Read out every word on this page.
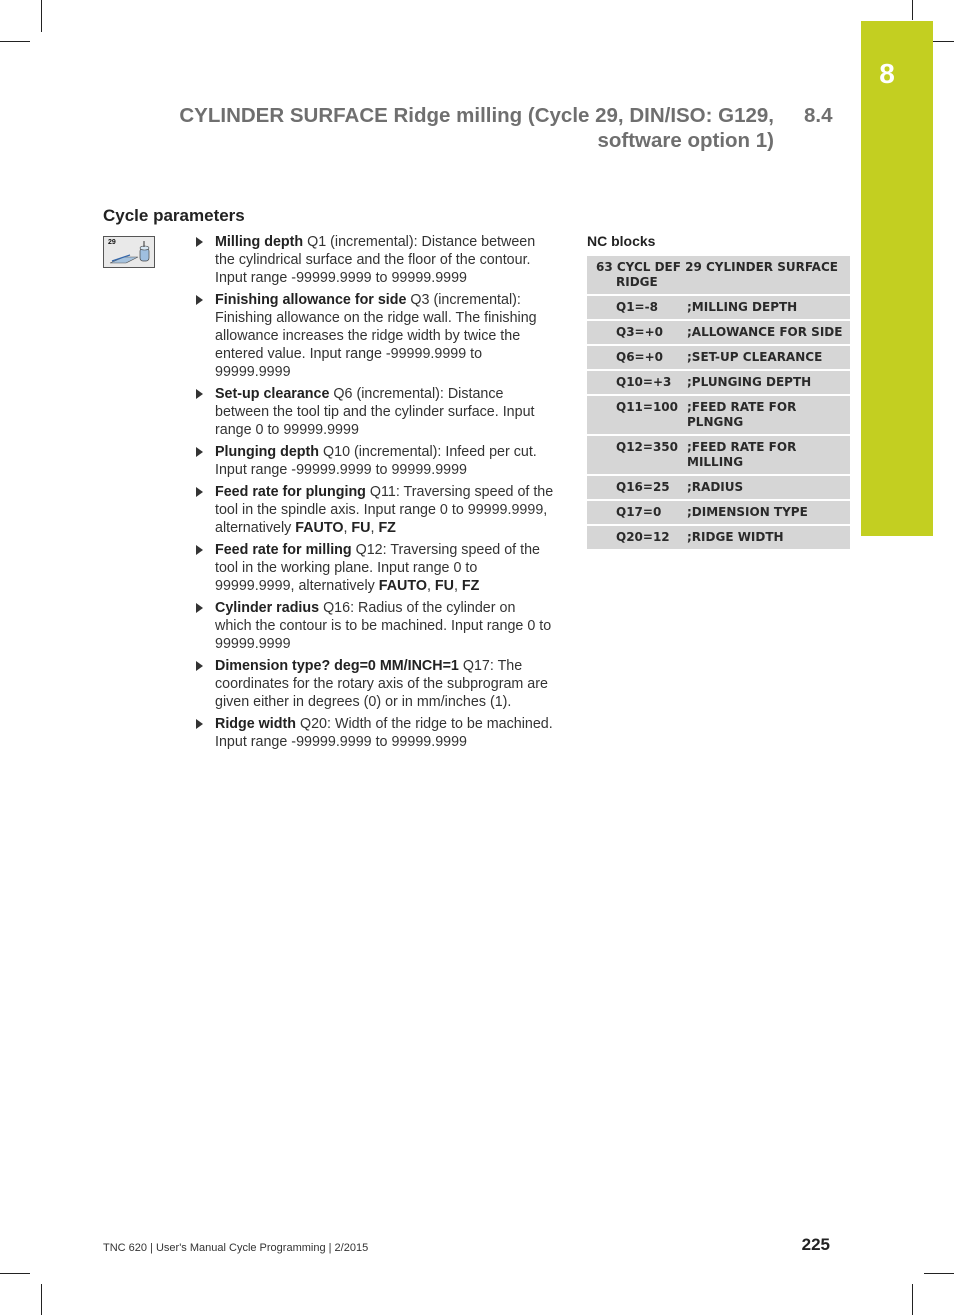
8
CYLINDER SURFACE Ridge milling (Cycle 29, DIN/ISO: G129,
software option 1)
8.4
Cycle parameters
29	Milling depth Q1 (incremental): Distance between the cylindrical surface and the floor of the contour. Input range -99999.9999 to 99999.9999
Finishing allowance for side Q3 (incremental): Finishing allowance on the ridge wall. The finishing allowance increases the ridge width by twice the entered value. Input range -99999.9999 to 99999.9999
Set-up clearance Q6 (incremental): Distance between the tool tip and the cylinder surface. Input range 0 to 99999.9999
Plunging depth Q10 (incremental): Infeed per cut. Input range -99999.9999 to 99999.9999
Feed rate for plunging Q11: Traversing speed of the tool in the spindle axis. Input range 0 to 99999.9999, alternatively FAUTO, FU, FZ
Feed rate for milling Q12: Traversing speed of the tool in the working plane. Input range 0 to 99999.9999, alternatively FAUTO, FU, FZ
Cylinder radius Q16: Radius of the cylinder on which the contour is to be machined. Input range 0 to 99999.9999
Dimension type? deg=0 MM/INCH=1 Q17: The coordinates for the rotary axis of the subprogram are given either in degrees (0) or in mm/inches (1).
Ridge width Q20: Width of the ridge to be machined. Input range -99999.9999 to 99999.9999
NC blocks
63 CYCL DEF 29 CYLINDER SURFACE RIDGE	

Q1=-8	;MILLING DEPTH
Q3=+0	;ALLOWANCE FOR SIDE
Q6=+0	;SET-UP CLEARANCE
Q10=+3	;PLUNGING DEPTH
Q11=100	;FEED RATE FOR PLNGNG
Q12=350	;FEED RATE FOR MILLING
Q16=25	;RADIUS
Q17=0	;DIMENSION TYPE
Q20=12	;RIDGE WIDTH
TNC 620 | User's Manual Cycle Programming | 2/2015	225
